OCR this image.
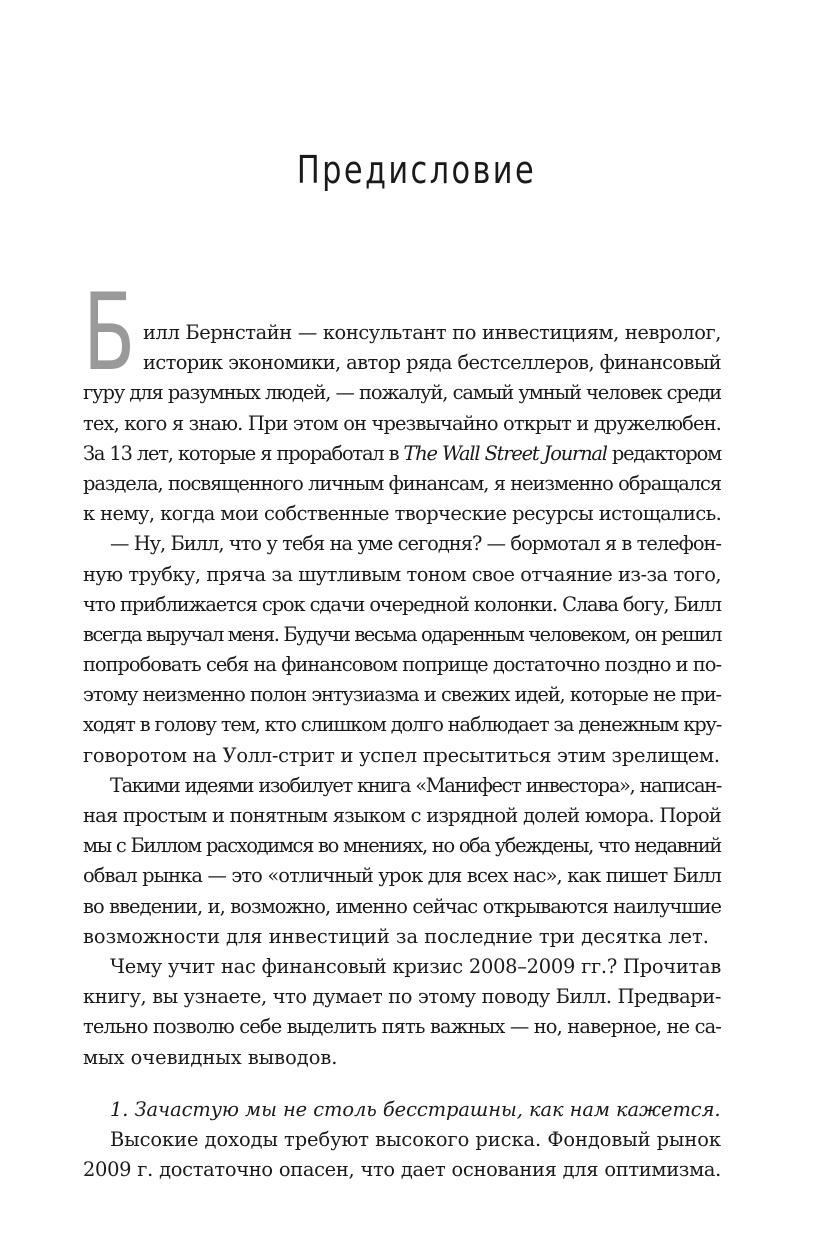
Предисловие
Б илл Бернстайн — консультант по инвестициям, невролог,
историк экономики, автор ряда бестселлеров, финансовый
гуру для разумных людей, — пожалуй, самый умный человек среди
тех, кого я знаю. При этом он чрезвычайно открыт и дружелюбен.
За 13 лет, которые я проработал в The Wall Street Journal редактором
раздела, посвященного личным финансам, я неизменно обращался
к нему, когда мои собственные творческие ресурсы истощались.
— Ну, Билл, что у тебя на уме сегодня? — бормотал я в телефон-
ную трубку, пряча за шутливым тоном свое отчаяние из-за того,
что приближается срок сдачи очередной колонки. Слава богу, Билл
всегда выручал меня. Будучи весьма одаренным человеком, он решил
попробовать себя на финансовом поприще достаточно поздно и по-
этому неизменно полон энтузиазма и свежих идей, которые не при-
ходят в голову тем, кто слишком долго наблюдает за денежным кру-
говоротом на Уолл-стрит и успел пресытиться этим зрелищем.
Такими идеями изобилует книга «Манифест инвестора», написан-
ная простым и понятным языком с изрядной долей юмора. Порой
мы с Биллом расходимся во мнениях, но оба убеждены, что недавний
обвал рынка — это «отличный урок для всех нас», как пишет Билл
во введении, и, возможно, именно сейчас открываются наилучшие
возможности для инвестиций за последние три десятка лет.
Чему учит нас финансовый кризис 2008–2009 гг.? Прочитав
книгу, вы узнаете, что думает по этому поводу Билл. Предвари-
тельно позволю себе выделить пять важных — но, наверное, не са-
мых очевидных выводов.
1. Зачастую мы не столь бесстрашны, как нам кажется.
Высокие доходы требуют высокого риска. Фондовый рынок
2009 г. достаточно опасен, что дает основания для оптимизма.
